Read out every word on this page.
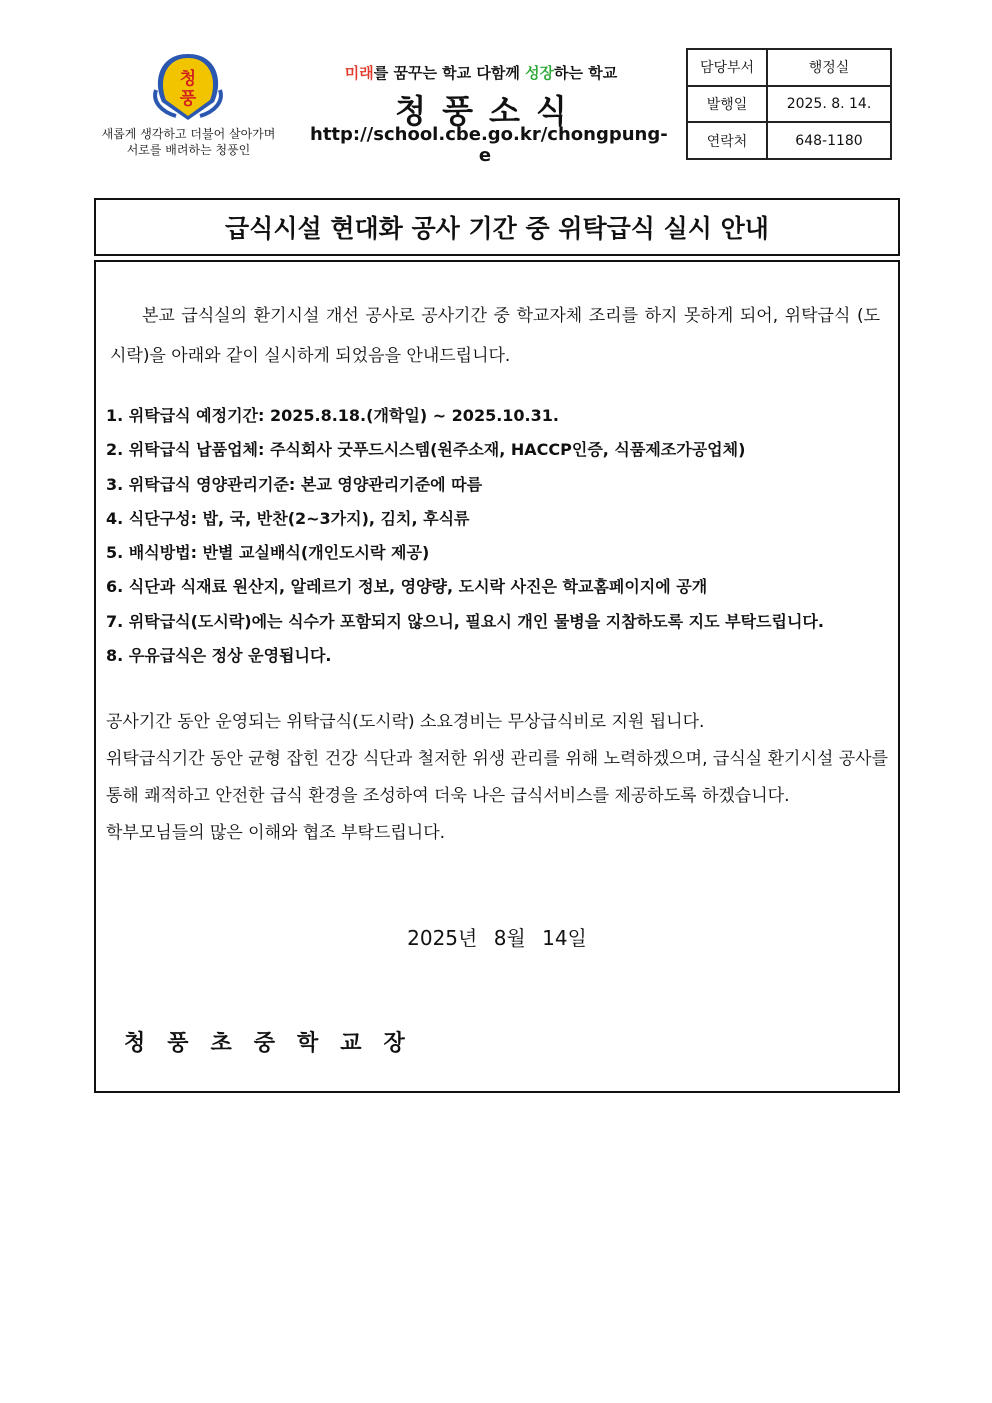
청
풍
새롭게 생각하고 더불어 살아가며
서로를 배려하는 청풍인
미래를 꿈꾸는 학교 다함께 성장하는 학교
청풍소식
http://school.cbe.go.kr/chongpung-e
담당부서	행정실
발행일	2025. 8. 14.
연락처	648-1180
급식시설 현대화 공사 기간 중 위탁급식 실시 안내
본교 급식실의 환기시설 개선 공사로 공사기간 중 학교자체 조리를 하지 못하게 되어, 위탁급식 (도시락)을 아래와 같이 실시하게 되었음을 안내드립니다.
1. 위탁급식 예정기간: 2025.8.18.(개학일) ~ 2025.10.31.
2. 위탁급식 납품업체: 주식회사 굿푸드시스템(원주소재, HACCP인증, 식품제조가공업체)
3. 위탁급식 영양관리기준: 본교 영양관리기준에 따름
4. 식단구성: 밥, 국, 반찬(2~3가지), 김치, 후식류
5. 배식방법: 반별 교실배식(개인도시락 제공)
6. 식단과 식재료 원산지, 알레르기 정보, 영양량, 도시락 사진은 학교홈페이지에 공개
7. 위탁급식(도시락)에는 식수가 포함되지 않으니, 필요시 개인 물병을 지참하도록 지도 부탁드립니다.
8. 우유급식은 정상 운영됩니다.

공사기간 동안 운영되는 위탁급식(도시락) 소요경비는 무상급식비로 지원 됩니다.

위탁급식기간 동안 균형 잡힌 건강 식단과 철저한 위생 관리를 위해 노력하겠으며, 급식실 환기시설 공사를 통해 쾌적하고 안전한 급식 환경을 조성하여 더욱 나은 급식서비스를 제공하도록 하겠습니다.

학부모님들의 많은 이해와 협조 부탁드립니다.

2025년 8월 14일
청풍초중학교장
